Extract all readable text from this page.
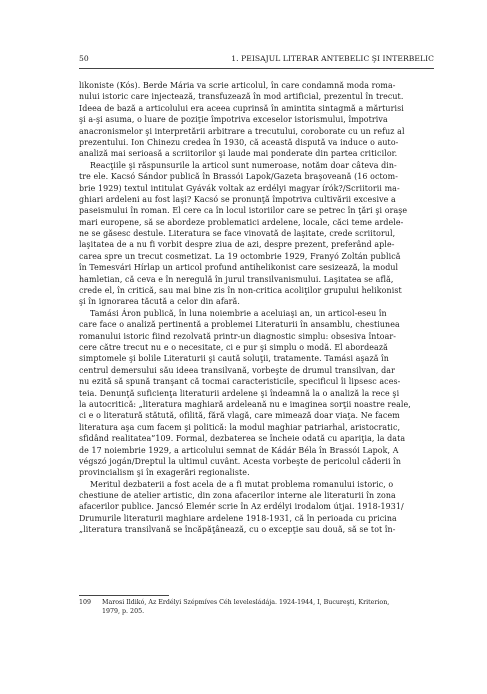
50	1. PEISAJUL LITERAR ANTEBELIC ŞI INTERBELIC
likoniste (Kós). Berde Mária va scrie articolul, în care condamnă moda roma-
nului istoric care injectează, transfuzează în mod artificial, prezentul în trecut.
Ideea de bază a articolului era aceea cuprinsă în amintita sintagmă a mărturisi
şi a-şi asuma, o luare de poziţie împotriva exceselor istorismului, împotriva
anacronismelor şi interpretării arbitrare a trecutului, coroborate cu un refuz al
prezentului. Ion Chinezu credea în 1930, că această dispută va induce o auto-
analiză mai serioasă a scriitorilor şi laude mai ponderate din partea criticilor.
Reacţiile şi răspunsurile la articol sunt numeroase, notăm doar câteva din-
tre ele. Kacsó Sándor publică în Brassói Lapok/Gazeta braşoveană (16 octom-
brie 1929) textul intitulat Gyávák voltak az erdélyi magyar írók?/Scriitorii ma-
ghiari ardeleni au fost laşi? Kacsó se pronunţă împotriva cultivării excesive a
paseismului în roman. El cere ca în locul istoriilor care se petrec în ţări şi oraşe
mari europene, să se abordeze problematici ardelene, locale, căci teme ardele-
ne se găsesc destule. Literatura se face vinovată de laşitate, crede scriitorul,
laşitatea de a nu fi vorbit despre ziua de azi, despre prezent, preferând aple-
carea spre un trecut cosmetizat. La 19 octombrie 1929, Franyó Zoltán publică
în Temesvári Hírlap un articol profund antihelikonist care sesizează, la modul
hamletian, că ceva e în neregulă în jurul transilvanismului. Laşitatea se află,
crede el, în critică, sau mai bine zis în non-critica acoliţilor grupului helikonist
şi în ignorarea tăcută a celor din afară.
Tamási Áron publică, în luna noiembrie a aceluiaşi an, un articol-eseu în
care face o analiză pertinentă a problemei Literaturii în ansamblu, chestiunea
romanului istoric fiind rezolvată printr-un diagnostic simplu: obsesiva întoar-
cere către trecut nu e o necesitate, ci e pur şi simplu o modă. El abordează
simptomele şi bolile Literaturii şi caută soluţii, tratamente. Tamási aşază în
centrul demersului său ideea transilvană, vorbeşte de drumul transilvan, dar
nu ezită să spună tranşant că tocmai caracteristicile, specificul îi lipsesc aces-
teia. Denunţă suficienţa literaturii ardelene şi îndeamnă la o analiză la rece şi
la autocritică: „literatura maghiară ardeleană nu e imaginea sorţii noastre reale,
ci e o literatură stătută, ofilită, fără vlagă, care mimează doar viaţa. Ne facem
literatura aşa cum facem şi politică: la modul maghiar patriarhal, aristocratic,
sfidând realitatea”109. Formal, dezbaterea se încheie odată cu apariţia, la data
de 17 noiembrie 1929, a articolului semnat de Kádár Béla în Brassói Lapok, A
végszó jogán/Dreptul la ultimul cuvânt. Acesta vorbeşte de pericolul căderii în
provincialism şi în exagerări regionaliste.
Meritul dezbaterii a fost acela de a fi mutat problema romanului istoric, o
chestiune de atelier artistic, din zona afacerilor interne ale literaturii în zona
afacerilor publice. Jancsó Elemér scrie în Az erdélyi irodalom útjai. 1918-1931/
Drumurile literaturii maghiare ardelene 1918-1931, că în perioada cu pricina
„literatura transilvană se încăpăţânează, cu o excepţie sau două, să se tot în-
109 Marosi Ildikó, Az Erdélyi Szépmíves Céh levelesládája. 1924-1944, I, Bucureşti, Kriterion,
1979, p. 205.
